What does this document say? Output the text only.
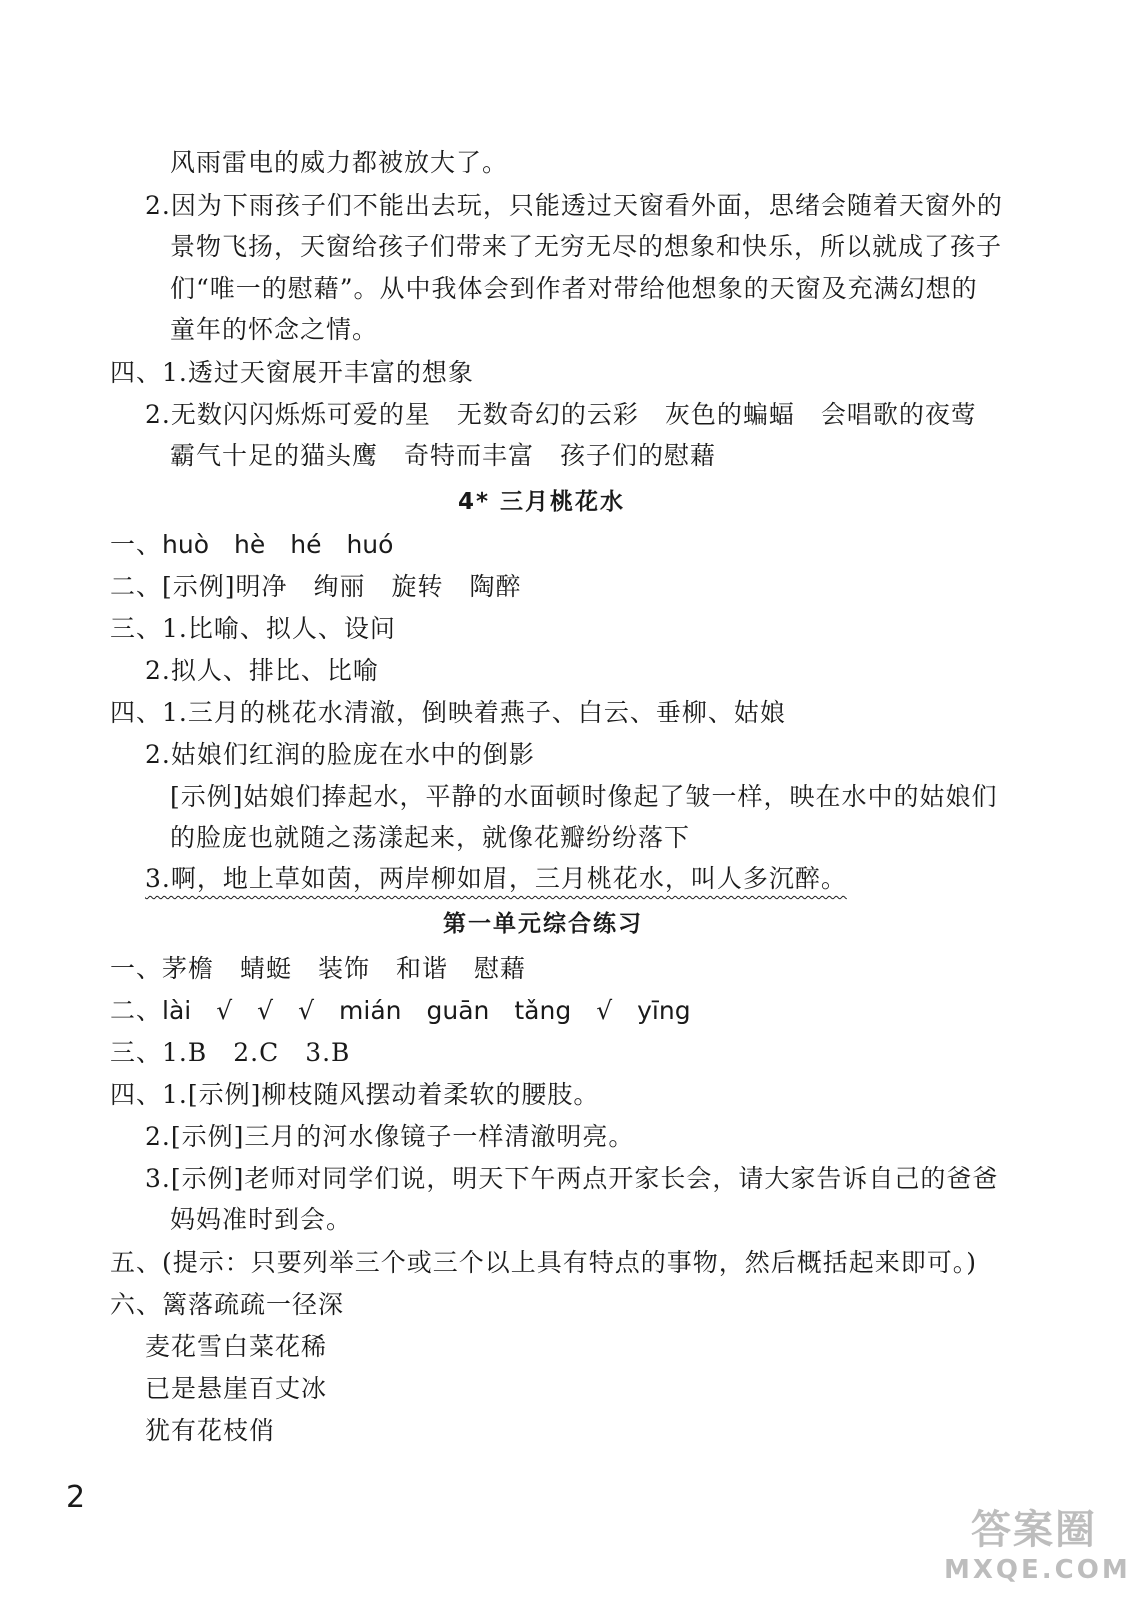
风雨雷电的威力都被放大了。
2.因为下雨孩子们不能出去玩，只能透过天窗看外面，思绪会随着天窗外的
景物飞扬，天窗给孩子们带来了无穷无尽的想象和快乐，所以就成了孩子
们“唯一的慰藉”。从中我体会到作者对带给他想象的天窗及充满幻想的
童年的怀念之情。
四、1.透过天窗展开丰富的想象
2.无数闪闪烁烁可爱的星　无数奇幻的云彩　灰色的蝙蝠　会唱歌的夜莺
霸气十足的猫头鹰　奇特而丰富　孩子们的慰藉
4* 三月桃花水
一、huò　hè　hé　huó
二、[示例]明净　绚丽　旋转　陶醉
三、1.比喻、拟人、设问
2.拟人、排比、比喻
四、1.三月的桃花水清澈，倒映着燕子、白云、垂柳、姑娘
2.姑娘们红润的脸庞在水中的倒影
[示例]姑娘们捧起水，平静的水面顿时像起了皱一样，映在水中的姑娘们
的脸庞也就随之荡漾起来，就像花瓣纷纷落下
3.啊，地上草如茵，两岸柳如眉，三月桃花水，叫人多沉醉。
第一单元综合练习
一、茅檐　蜻蜓　装饰　和谐　慰藉
二、lài　√　√　√　mián　guān　tǎng　√　yīng
三、1.B　2.C　3.B
四、1.[示例]柳枝随风摆动着柔软的腰肢。
2.[示例]三月的河水像镜子一样清澈明亮。
3.[示例]老师对同学们说，明天下午两点开家长会，请大家告诉自己的爸爸
妈妈准时到会。
五、(提示：只要列举三个或三个以上具有特点的事物，然后概括起来即可。)
六、篱落疏疏一径深
麦花雪白菜花稀
已是悬崖百丈冰
犹有花枝俏
2
答案圈
MXQE.COM
